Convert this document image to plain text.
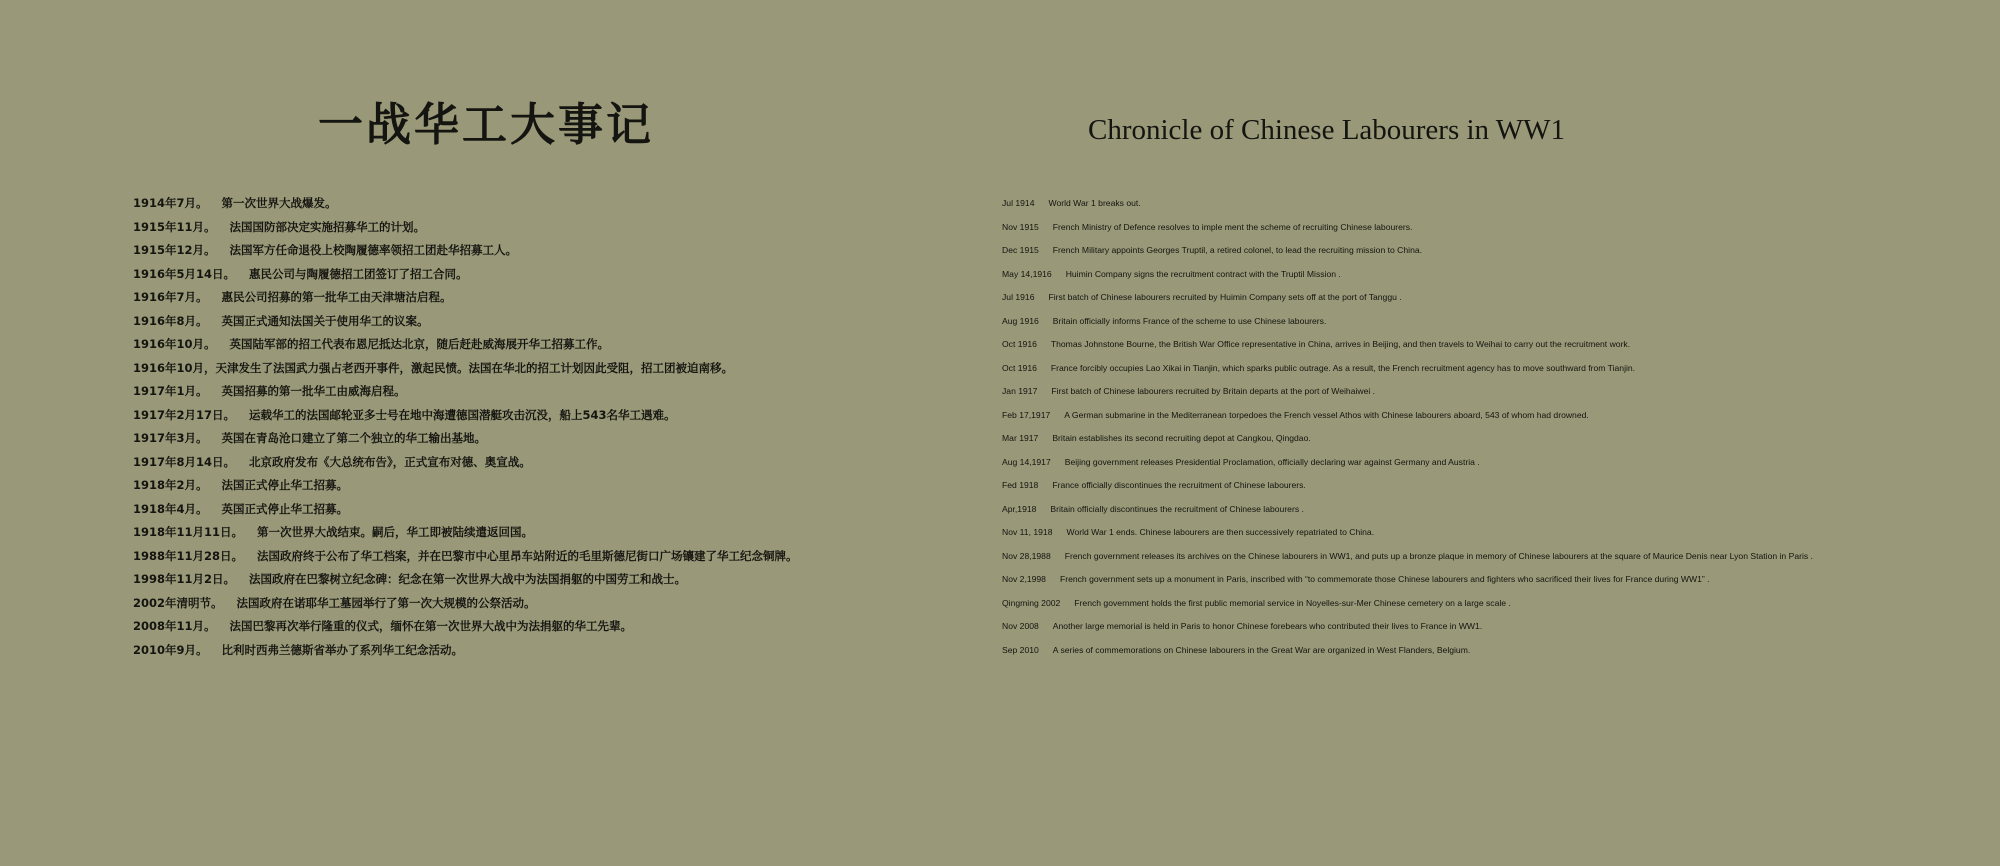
一战华工大事记
1914年7月。 第一次世界大战爆发。
1915年11月。 法国国防部决定实施招募华工的计划。
1915年12月。 法国军方任命退役上校陶履德率领招工团赴华招募工人。
1916年5月14日。 惠民公司与陶履德招工团签订了招工合同。
1916年7月。 惠民公司招募的第一批华工由天津塘沽启程。
1916年8月。 英国正式通知法国关于使用华工的议案。
1916年10月。 英国陆军部的招工代表布恩尼抵达北京，随后赶赴威海展开华工招募工作。
1916年10月，天津发生了法国武力强占老西开事件，激起民愤。法国在华北的招工计划因此受阻，招工团被迫南移。
1917年1月。 英国招募的第一批华工由威海启程。
1917年2月17日。 运载华工的法国邮轮亚多士号在地中海遭德国潜艇攻击沉没，船上543名华工遇难。
1917年3月。 英国在青岛沧口建立了第二个独立的华工输出基地。
1917年8月14日。 北京政府发布《大总统布告》，正式宣布对德、奥宣战。
1918年2月。 法国正式停止华工招募。
1918年4月。 英国正式停止华工招募。
1918年11月11日。 第一次世界大战结束。嗣后，华工即被陆续遣返回国。
1988年11月28日。 法国政府终于公布了华工档案，并在巴黎市中心里昂车站附近的毛里斯德尼街口广场镶建了华工纪念铜牌。
1998年11月2日。 法国政府在巴黎树立纪念碑：纪念在第一次世界大战中为法国捐躯的中国劳工和战士。
2002年清明节。 法国政府在诺耶华工墓园举行了第一次大规模的公祭活动。
2008年11月。 法国巴黎再次举行隆重的仪式，缅怀在第一次世界大战中为法捐躯的华工先辈。
2010年9月。 比利时西弗兰德斯省举办了系列华工纪念活动。
Chronicle of Chinese Labourers in WW1
Jul 1914 World War 1 breaks out.
Nov 1915 French Ministry of Defence resolves to imple ment the scheme of recruiting Chinese labourers.
Dec 1915 French Military appoints Georges Truptil, a retired colonel, to lead the recruiting mission to China.
May 14,1916 Huimin Company signs the recruitment contract with the Truptil Mission .
Jul 1916 First batch of Chinese labourers recruited by Huimin Company sets off at the port of Tanggu .
Aug 1916 Britain officially informs France of the scheme to use Chinese labourers.
Oct 1916 Thomas Johnstone Bourne, the British War Office representative in China, arrives in Beijing, and then travels to Weihai to carry out the recruitment work.
Oct 1916 France forcibly occupies Lao Xikai in Tianjin, which sparks public outrage. As a result, the French recruitment agency has to move southward from Tianjin.
Jan 1917 First batch of Chinese labourers recruited by Britain departs at the port of Weihaiwei .
Feb 17,1917 A German submarine in the Mediterranean torpedoes the French vessel Athos with Chinese labourers aboard, 543 of whom had drowned.
Mar 1917 Britain establishes its second recruiting depot at Cangkou, Qingdao.
Aug 14,1917 Beijing government releases Presidential Proclamation, officially declaring war against Germany and Austria .
Fed 1918 France officially discontinues the recruitment of Chinese labourers.
Apr,1918 Britain officially discontinues the recruitment of Chinese labourers .
Nov 11, 1918 World War 1 ends. Chinese labourers are then successively repatriated to China.
Nov 28,1988 French government releases its archives on the Chinese labourers in WW1, and puts up a bronze plaque in memory of Chinese labourers at the square of Maurice Denis near Lyon Station in Paris .
Nov 2,1998 French government sets up a monument in Paris, inscribed with “to commemorate those Chinese labourers and fighters who sacrificed their lives for France during WW1” .
Qingming 2002 French government holds the first public memorial service in Noyelles-sur-Mer Chinese cemetery on a large scale .
Nov 2008 Another large memorial is held in Paris to honor Chinese forebears who contributed their lives to France in WW1.
Sep 2010 A series of commemorations on Chinese labourers in the Great War are organized in West Flanders, Belgium.
